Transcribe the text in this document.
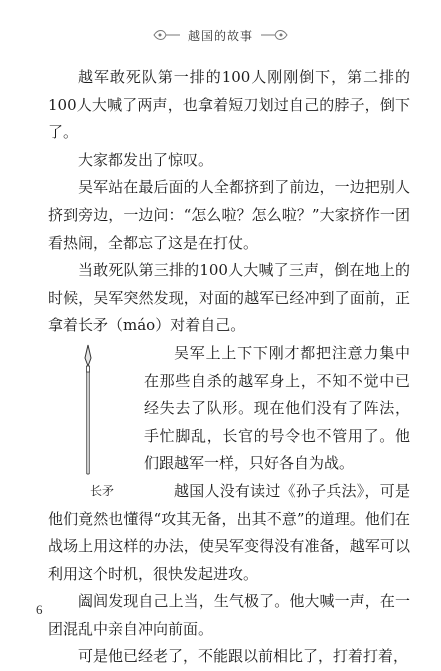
越国的故事

越军敢死队第一排的100人刚刚倒下，第二排的100人大喊了两声，也拿着短刀划过自己的脖子，倒下了。

大家都发出了惊叹。

吴军站在最后面的人全都挤到了前边，一边把别人挤到旁边，一边问：“怎么啦？怎么啦？”大家挤作一团看热闹，全都忘了这是在打仗。

当敢死队第三排的100人大喊了三声，倒在地上的时候，吴军突然发现，对面的越军已经冲到了面前，正拿着长矛（máo）对着自己。

长矛
吴军上上下下刚才都把注意力集中在那些自杀的越军身上，不知不觉中已经失去了队形。现在他们没有了阵法，手忙脚乱，长官的号令也不管用了。他们跟越军一样，只好各自为战。

越国人没有读过《孙子兵法》，可是他们竟然也懂得“攻其无备，出其不意”的道理。他们在战场上用这样的办法，使吴军变得没有准备，越军可以利用这个时机，很快发起进攻。

阖闾发现自己上当，生气极了。他大喊一声，在一团混乱中亲自冲向前面。

可是他已经老了，不能跟以前相比了，打着打着，

6
